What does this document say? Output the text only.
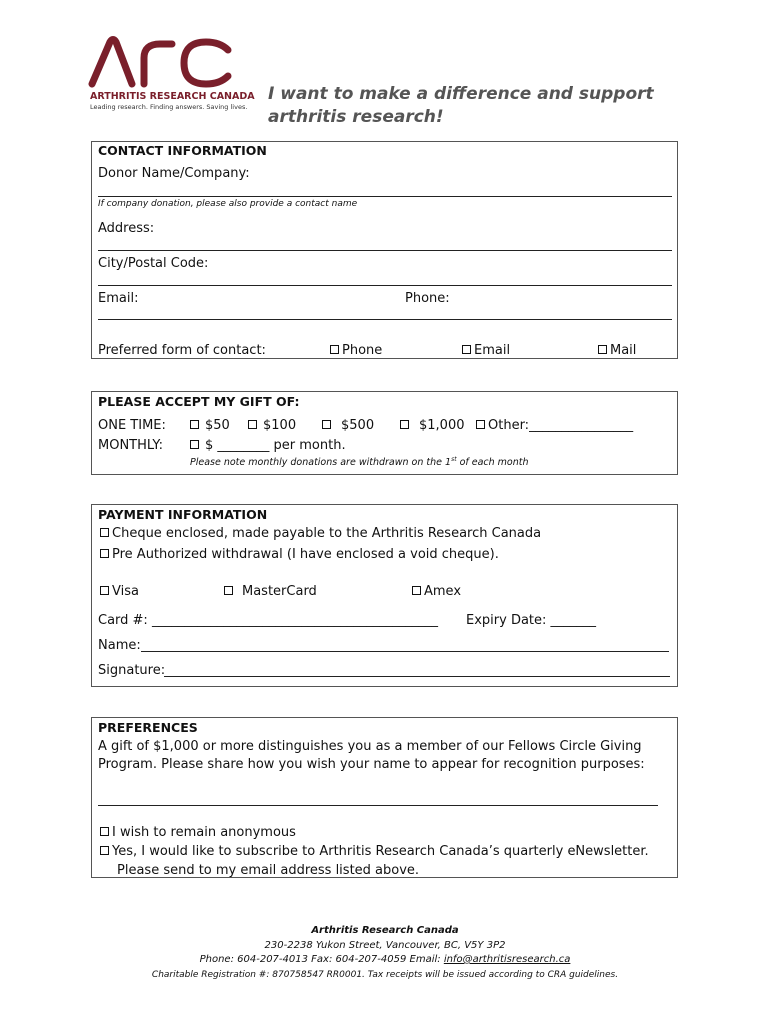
ARTHRITIS RESEARCH CANADA
Leading research. Finding answers. Saving lives.
I want to make a difference and support
arthritis research!
CONTACT INFORMATION
Donor Name/Company:
If company donation, please also provide a contact name
Address:
City/Postal Code:
Email:	Phone:
Preferred form of contact:	Phone	Email	Mail
PLEASE ACCEPT MY GIFT OF:
ONE TIME:	$50	$100	$500	$1,000	Other:________________
MONTHLY:	$ ________ per month.
Please note monthly donations are withdrawn on the 1st of each month
PAYMENT INFORMATION
Cheque enclosed, made payable to the Arthritis Research Canada
Pre Authorized withdrawal (I have enclosed a void cheque).
Visa	MasterCard	Amex
Card #: ____________________________________________ Expiry Date: _______
Name:
Signature:
PREFERENCES
A gift of $1,000 or more distinguishes you as a member of our Fellows Circle Giving
Program. Please share how you wish your name to appear for recognition purposes:
I wish to remain anonymous
Yes, I would like to subscribe to Arthritis Research Canada’s quarterly eNewsletter.
Please send to my email address listed above.
Arthritis Research Canada
230-2238 Yukon Street, Vancouver, BC, V5Y 3P2
Phone: 604-207-4013 Fax: 604-207-4059 Email: info@arthritisresearch.ca
Charitable Registration #: 870758547 RR0001. Tax receipts will be issued according to CRA guidelines.
